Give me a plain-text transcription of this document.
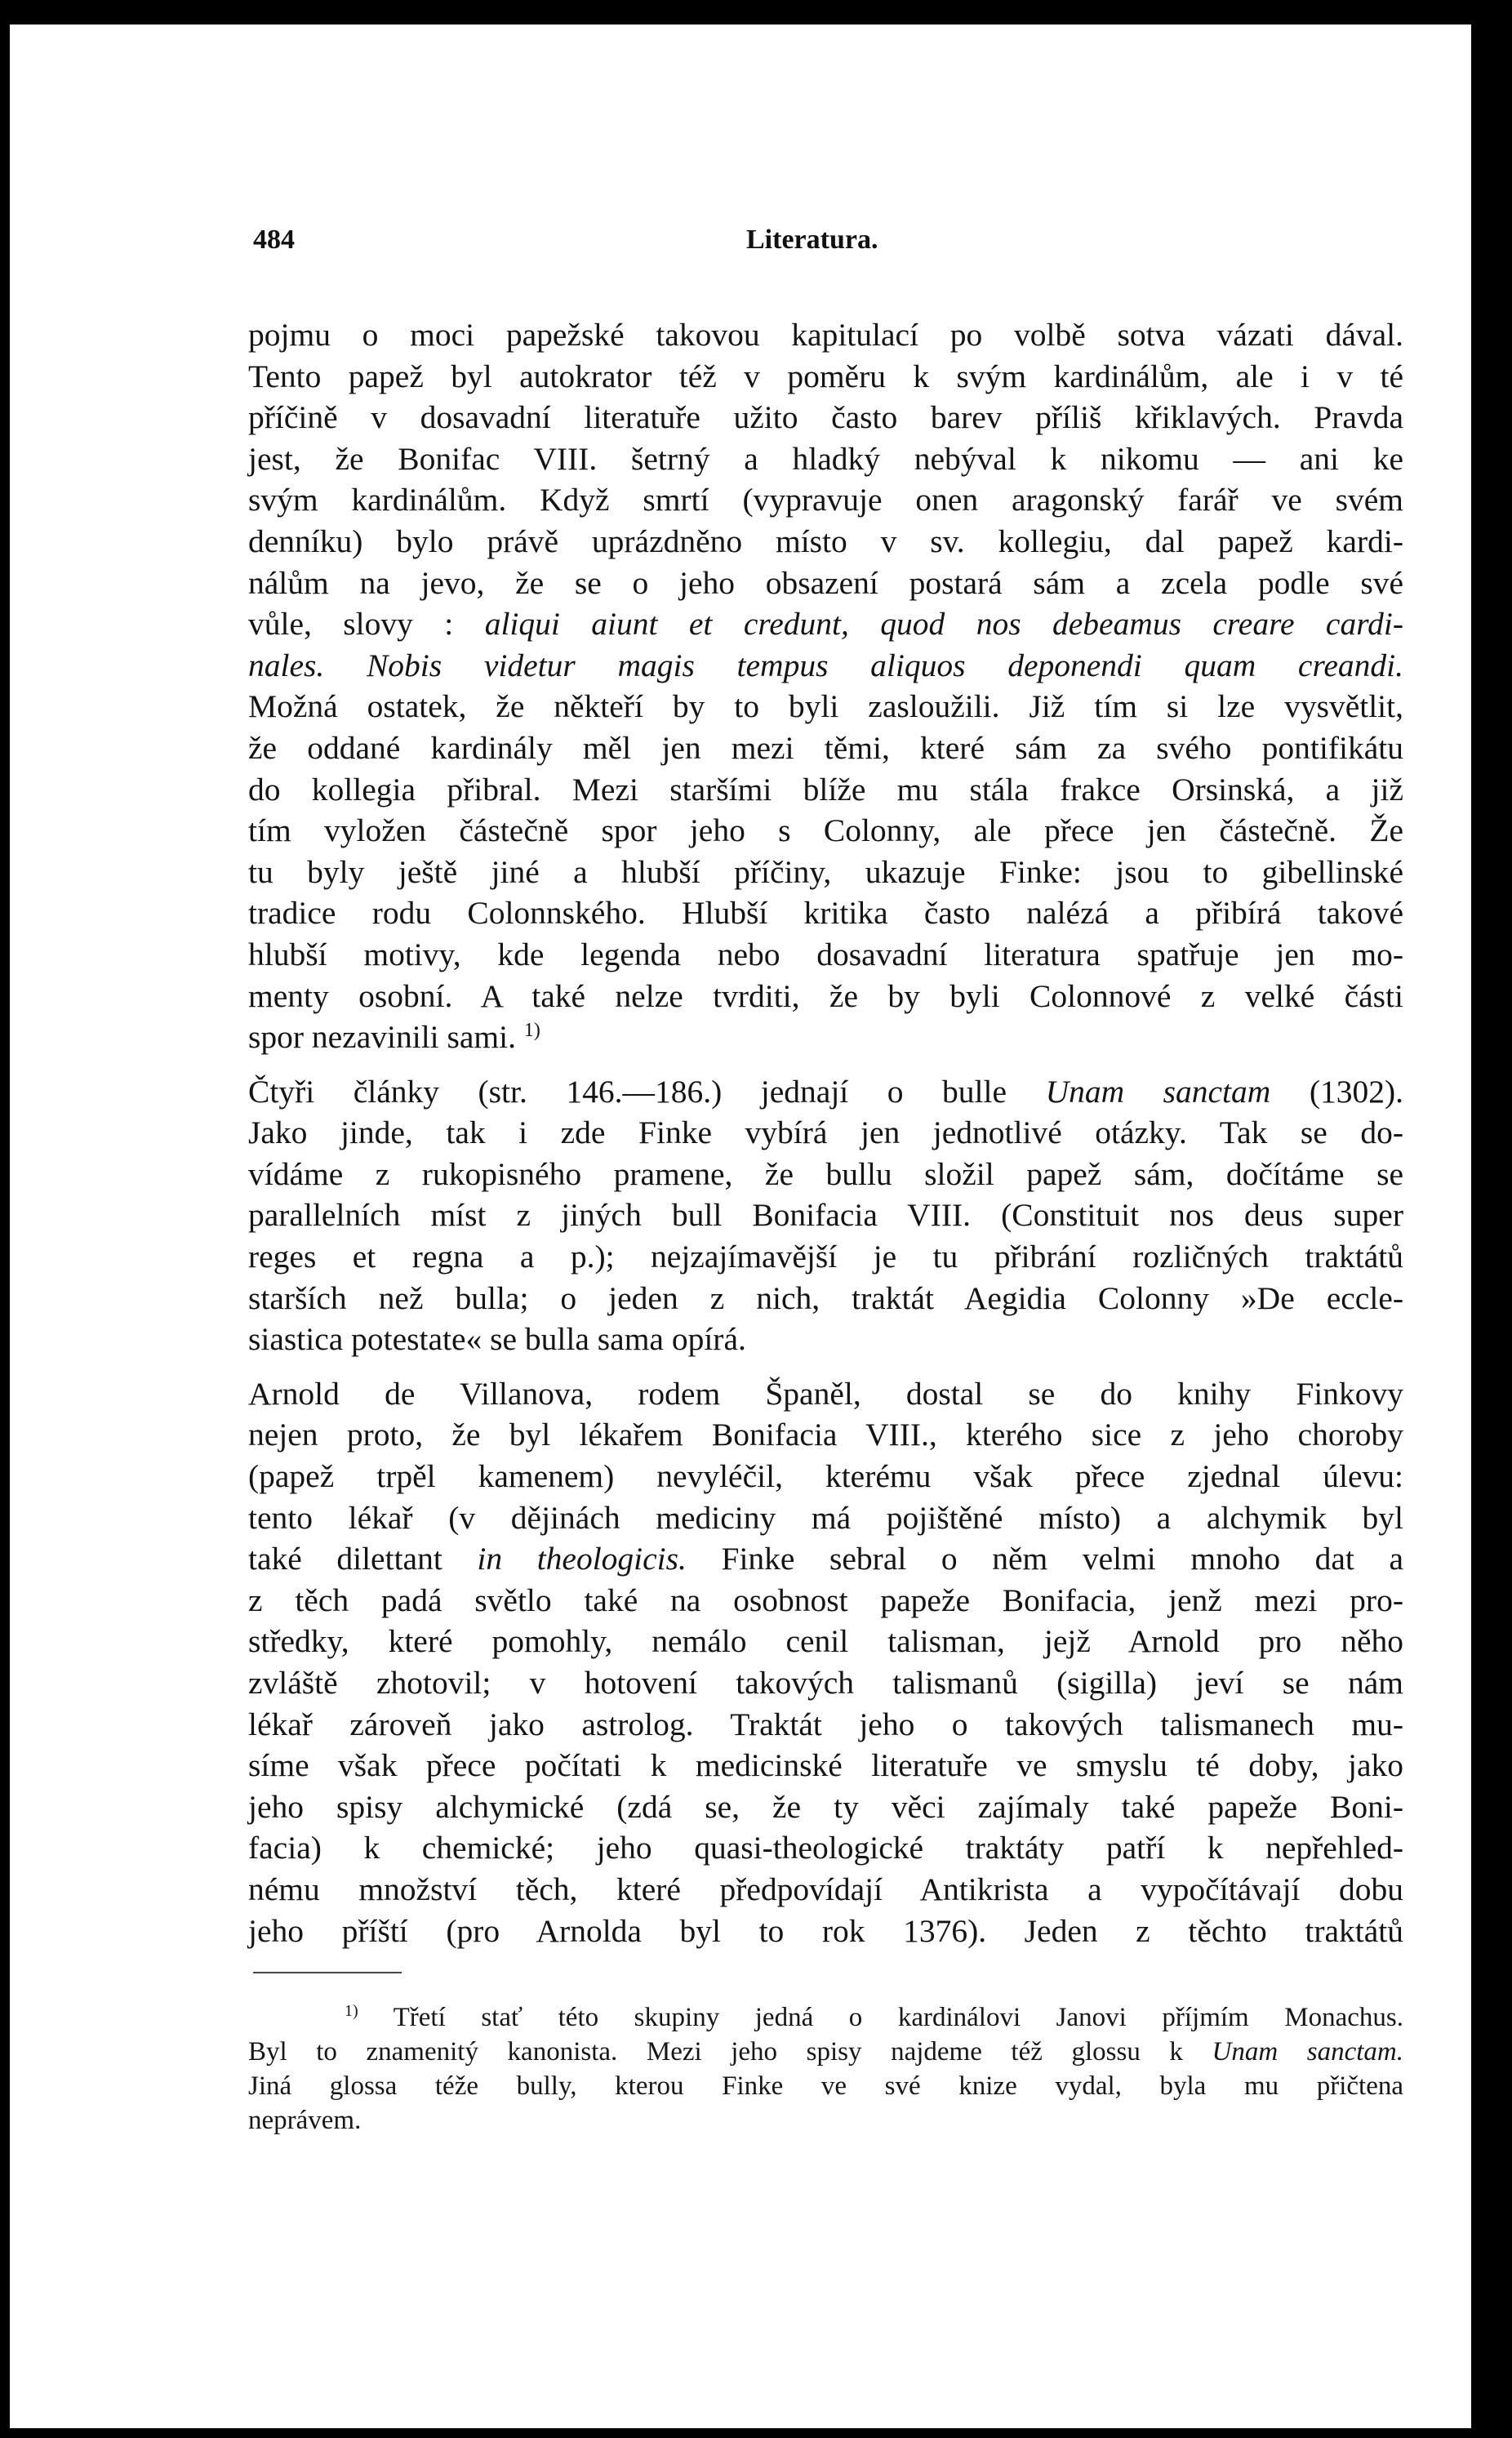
484	Literatura.

pojmu o moci papežské takovou kapitulací po volbě sotva vázati dával.

Tento papež byl autokrator též v poměru k svým kardinálům, ale i v té

příčině v dosavadní literatuře užito často barev příliš křiklavých. Pravda

jest, že Bonifac VIII. šetrný a hladký nebýval k nikomu — ani ke

svým kardinálům. Když smrtí (vypravuje onen aragonský farář ve svém

denníku) bylo právě uprázdněno místo v sv. kollegiu, dal papež kardi-

nálům na jevo, že se o jeho obsazení postará sám a zcela podle své

vůle, slovy : aliqui aiunt et credunt, quod nos debeamus creare cardi-

nales. Nobis videtur magis tempus aliquos deponendi quam creandi.

Možná ostatek, že někteří by to byli zasloužili. Již tím si lze vysvětlit,

že oddané kardinály měl jen mezi těmi, které sám za svého pontifikátu

do kollegia přibral. Mezi staršími blíže mu stála frakce Orsinská, a již

tím vyložen částečně spor jeho s Colonny, ale přece jen částečně. Že

tu byly ještě jiné a hlubší příčiny, ukazuje Finke: jsou to gibellinské

tradice rodu Colonnského. Hlubší kritika často nalézá a přibírá takové

hlubší motivy, kde legenda nebo dosavadní literatura spatřuje jen mo-

menty osobní. A také nelze tvrditi, že by byli Colonnové z velké části

spor nezavinili sami. $^{1)}$

Čtyři články (str. 146.—186.) jednají o bulle Unam sanctam (1302).

Jako jinde, tak i zde Finke vybírá jen jednotlivé otázky. Tak se do-

vídáme z rukopisného pramene, že bullu složil papež sám, dočítáme se

parallelních míst z jiných bull Bonifacia VIII. (Constituit nos deus super

reges et regna a p.); nejzajímavější je tu přibrání rozličných traktátů

starších než bulla; o jeden z nich, traktát Aegidia Colonny »De eccle-

siastica potestate« se bulla sama opírá.

Arnold de Villanova, rodem Španěl, dostal se do knihy Finkovy

nejen proto, že byl lékařem Bonifacia VIII., kterého sice z jeho choroby

(papež trpěl kamenem) nevyléčil, kterému však přece zjednal úlevu:

tento lékař (v dějinách mediciny má pojištěné místo) a alchymik byl

také dilettant in theologicis. Finke sebral o něm velmi mnoho dat a

z těch padá světlo také na osobnost papeže Bonifacia, jenž mezi pro-

středky, které pomohly, nemálo cenil talisman, jejž Arnold pro něho

zvláště zhotovil; v hotovení takových talismanů (sigilla) jeví se nám

lékař zároveň jako astrolog. Traktát jeho o takových talismanech mu-

síme však přece počítati k medicinské literatuře ve smyslu té doby, jako

jeho spisy alchymické (zdá se, že ty věci zajímaly také papeže Boni-

facia) k chemické; jeho quasi-theologické traktáty patří k nepřehled-

nému množství těch, které předpovídají Antikrista a vypočítávají dobu

jeho příští (pro Arnolda byl to rok 1376). Jeden z těchto traktátů

$^{1)}$ Třetí stať této skupiny jedná o kardinálovi Janovi příjmím Monachus.

Byl to znamenitý kanonista. Mezi jeho spisy najdeme též glossu k Unam sanctam.

Jiná glossa téže bully, kterou Finke ve své knize vydal, byla mu přičtena

neprávem.
